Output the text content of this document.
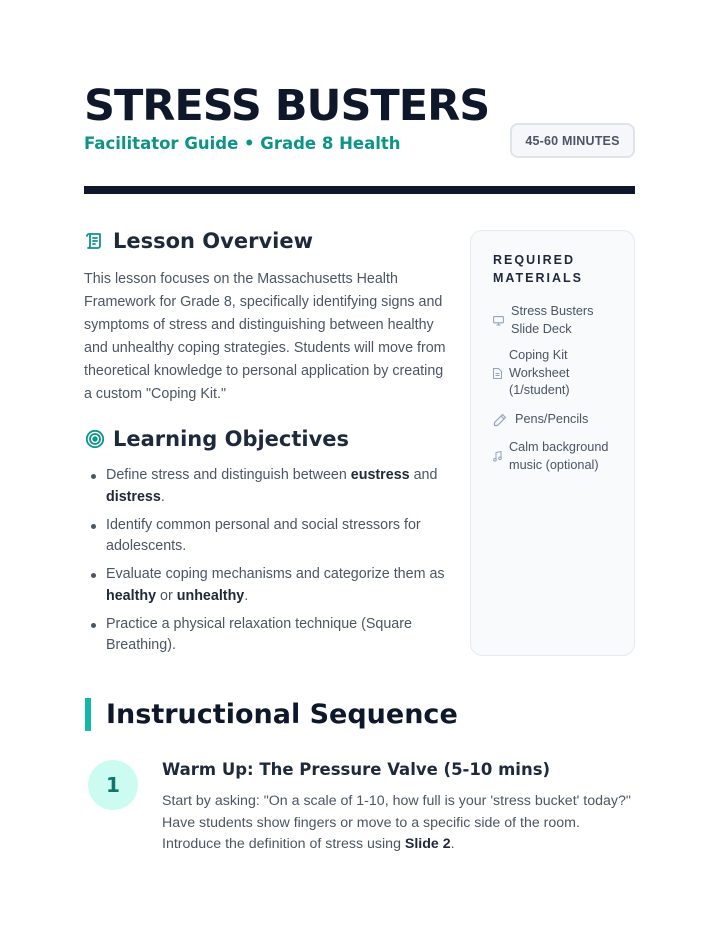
STRESS BUSTERS
Facilitator Guide • Grade 8 Health	45-60 MINUTES
Lesson Overview

This lesson focuses on the Massachusetts Health Framework for Grade 8, specifically identifying signs and symptoms of stress and distinguishing between healthy and unhealthy coping strategies. Students will move from theoretical knowledge to personal application by creating a custom "Coping Kit."

Learning Objectives
Define stress and distinguish between eustress and distress.
Identify common personal and social stressors for adolescents.
Evaluate coping mechanisms and categorize them as healthy or unhealthy.
Practice a physical relaxation technique (Square Breathing).

REQUIRED MATERIALS

Stress Busters Slide Deck
Coping Kit Worksheet (1/student)
Pens/Pencils
Calm background music (optional)
Instructional Sequence
1
Warm Up: The Pressure Valve (5-10 mins)

Start by asking: "On a scale of 1-10, how full is your 'stress bucket' today?" Have students show fingers or move to a specific side of the room. Introduce the definition of stress using Slide 2.
